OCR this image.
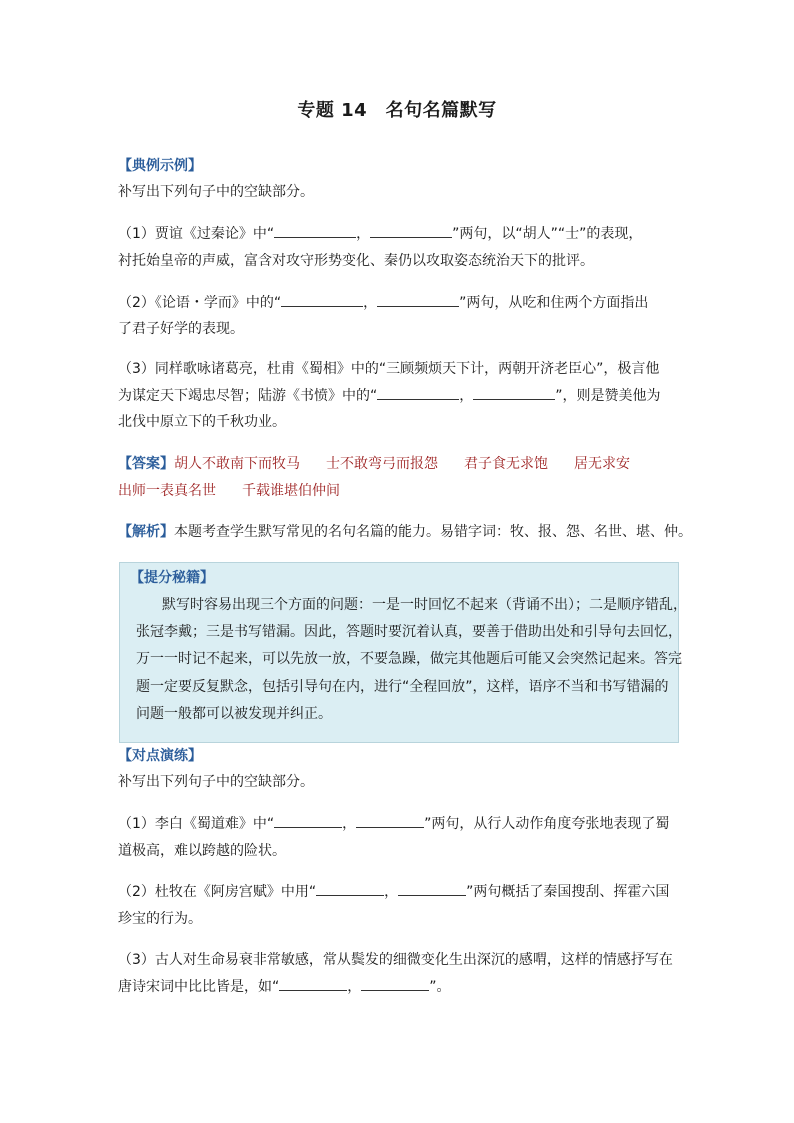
专题 14　名句名篇默写
【典例示例】
补写出下列句子中的空缺部分。
（1）贾谊《过秦论》中“	，	”两句，以“胡人”“士”的表现，
衬托始皇帝的声威，富含对攻守形势变化、秦仍以攻取姿态统治天下的批评。
（2）《论语・学而》中的“	，	”两句，从吃和住两个方面指出
了君子好学的表现。
（3）同样歌咏诸葛亮，杜甫《蜀相》中的“三顾频烦天下计，两朝开济老臣心”，极言他
为谋定天下竭忠尽智；陆游《书愤》中的“	，	”，则是赞美他为
北伐中原立下的千秋功业。
【答案】胡人不敢南下而牧马 士不敢弯弓而报怨 君子食无求饱 居无求安
出师一表真名世 千载谁堪伯仲间
【解析】本题考查学生默写常见的名句名篇的能力。易错字词：牧、报、怨、名世、堪、仲。
【提分秘籍】
默写时容易出现三个方面的问题：一是一时回忆不起来（背诵不出）；二是顺序错乱，
张冠李戴；三是书写错漏。因此，答题时要沉着认真，要善于借助出处和引导句去回忆，
万一一时记不起来，可以先放一放，不要急躁，做完其他题后可能又会突然记起来。答完
题一定要反复默念，包括引导句在内，进行“全程回放”，这样，语序不当和书写错漏的
问题一般都可以被发现并纠正。
【对点演练】
补写出下列句子中的空缺部分。
（1）李白《蜀道难》中“	，	”两句，从行人动作角度夸张地表现了蜀
道极高，难以跨越的险状。
（2）杜牧在《阿房宫赋》中用“	，	”两句概括了秦国搜刮、挥霍六国
珍宝的行为。
（3）古人对生命易衰非常敏感，常从鬓发的细微变化生出深沉的感喟，这样的情感抒写在
唐诗宋词中比比皆是，如“	，	”。
